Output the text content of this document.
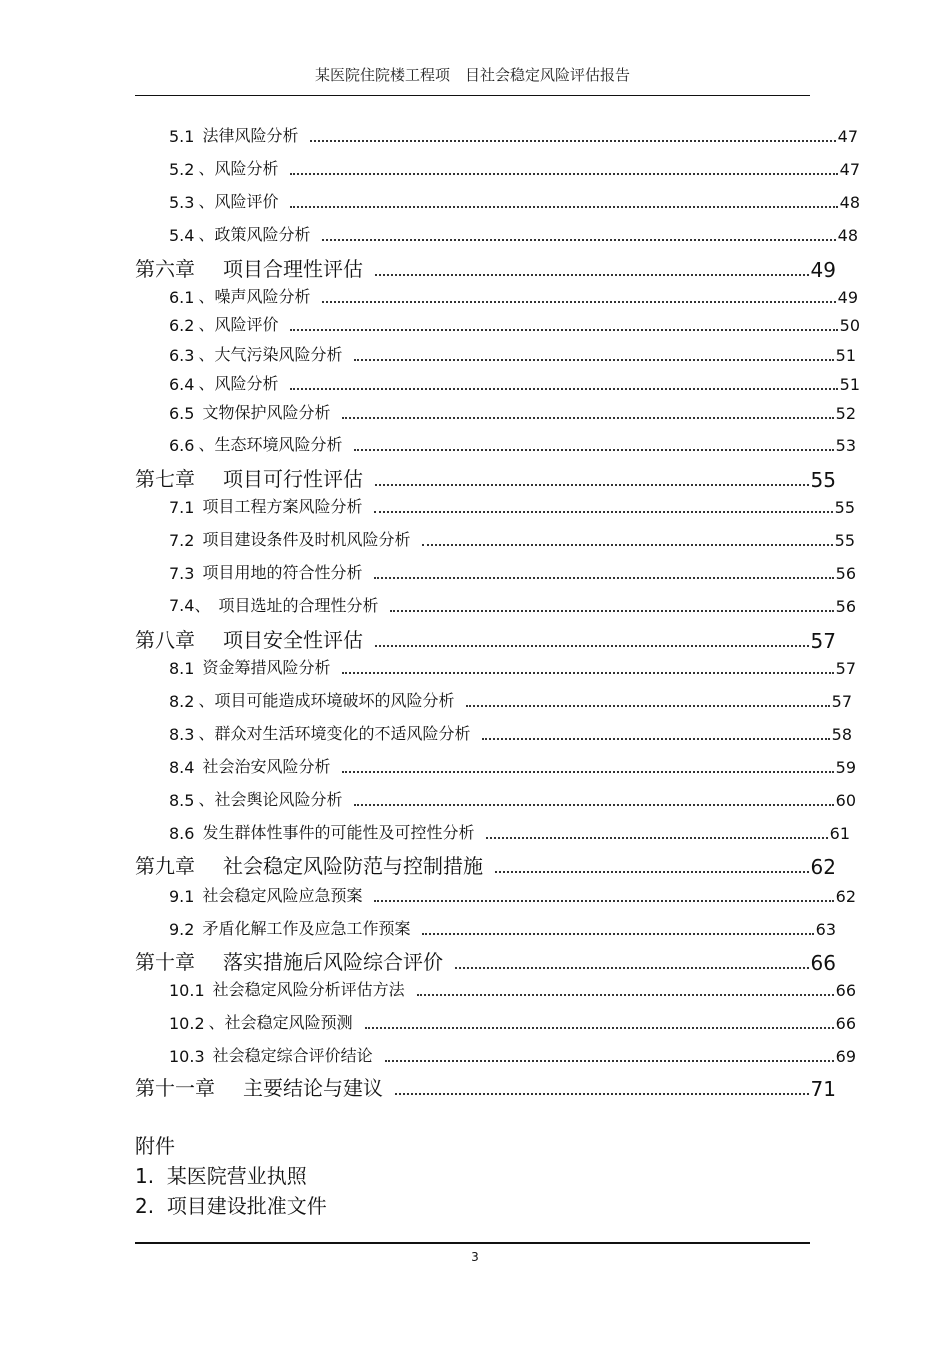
某医院住院楼工程项　目社会稳定风险评估报告
5.1 法律风险分析	47
5.2 、风险分析	47
5.3 、风险评价	48
5.4 、政策风险分析	48
第六章 项目合理性评估	49
6.1 、噪声风险分析	49
6.2 、风险评价	50
6.3 、大气污染风险分析	51
6.4 、风险分析	51
6.5 文物保护风险分析	52
6.6 、生态环境风险分析	53
第七章 项目可行性评估	55
7.1 项目工程方案风险分析	55
7.2 项目建设条件及时机风险分析	55
7.3 项目用地的符合性分析	56
7.4、 项目选址的合理性分析	56
第八章 项目安全性评估	57
8.1 资金筹措风险分析	57
8.2 、项目可能造成环境破坏的风险分析	57
8.3 、群众对生活环境变化的不适风险分析	58
8.4 社会治安风险分析	59
8.5 、社会舆论风险分析	60
8.6 发生群体性事件的可能性及可控性分析	61
第九章 社会稳定风险防范与控制措施	62
9.1 社会稳定风险应急预案	62
9.2 矛盾化解工作及应急工作预案	63
第十章 落实措施后风险综合评价	66
10.1 社会稳定风险分析评估方法	66
10.2 、社会稳定风险预测	66
10.3 社会稳定综合评价结论	69
第十一章 主要结论与建议	71
附件
1. 某医院营业执照
2. 项目建设批准文件
3
